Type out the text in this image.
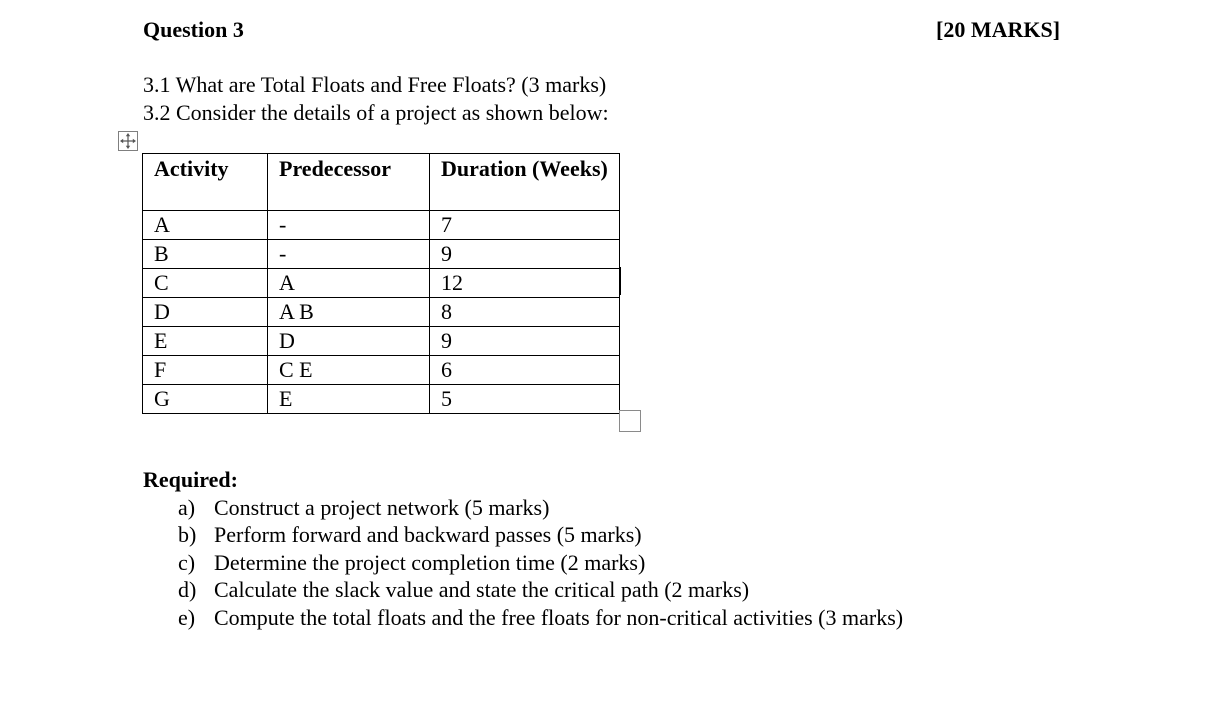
Question 3	[20 MARKS]
3.1 What are Total Floats and Free Floats? (3 marks)
3.2 Consider the details of a project as shown below:
Activity	Predecessor	Duration (Weeks)
A	-	7
B	-	9
C	A	12
D	A B	8
E	D	9
F	C E	6
G	E	5
Required:
a) Construct a project network (5 marks)
b) Perform forward and backward passes (5 marks)
c) Determine the project completion time (2 marks)
d) Calculate the slack value and state the critical path (2 marks)
e) Compute the total floats and the free floats for non-critical activities (3 marks)
